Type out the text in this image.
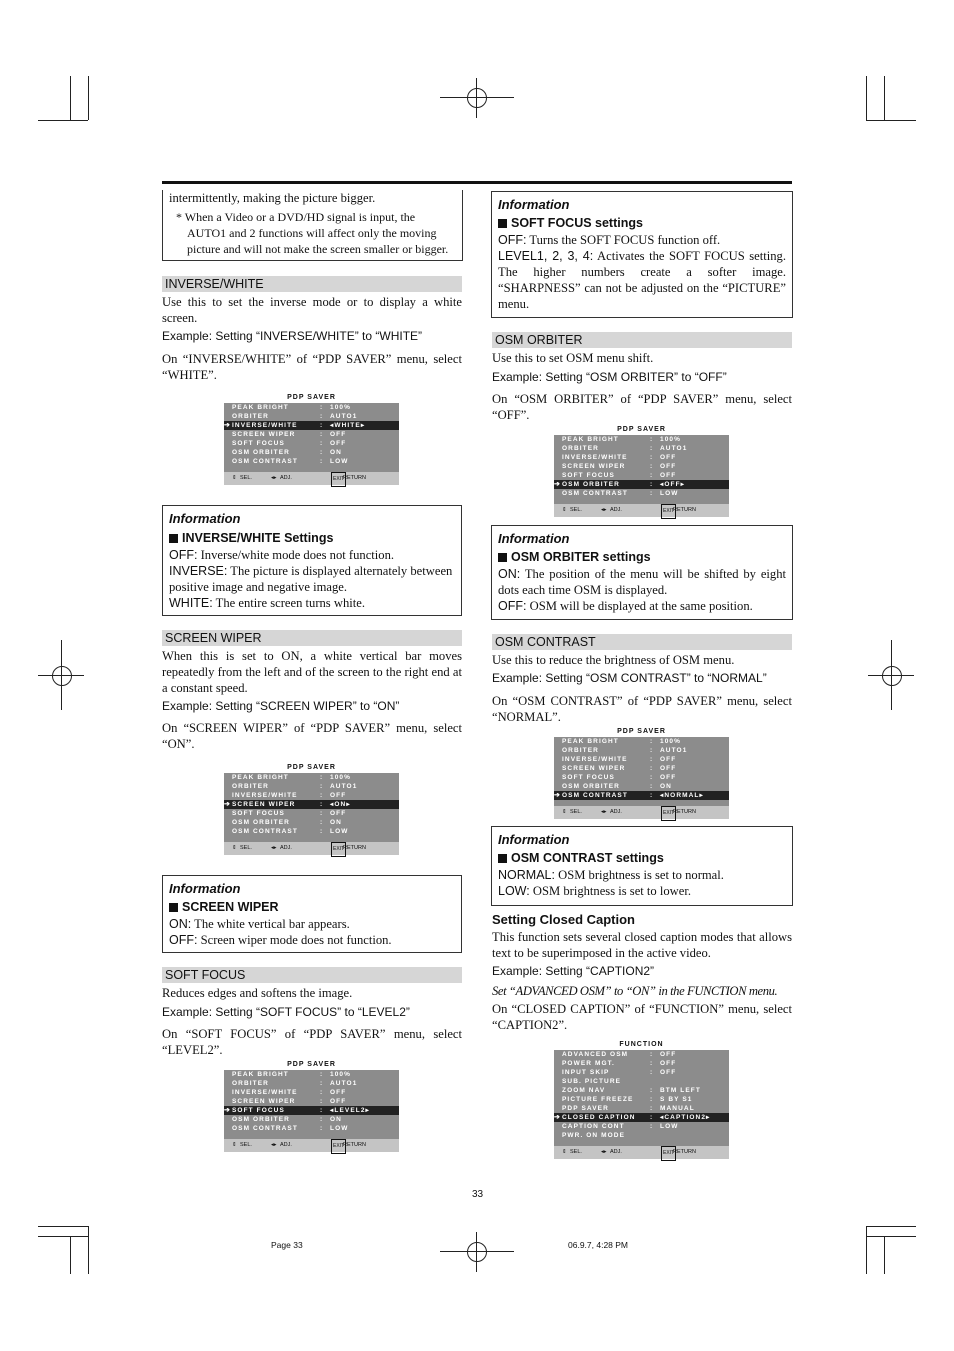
intermittently, making the picture bigger.
* When a Video or a DVD/HD signal is input, the AUTO1 and 2 functions will affect only the moving picture and will not make the screen smaller or bigger.
INVERSE/WHITE
Use this to set the inverse mode or to display a white screen.
Example: Setting “INVERSE/WHITE” to “WHITE”
On “INVERSE/WHITE” of “PDP SAVER” menu, select “WHITE”.
PDP SAVER
PEAK BRIGHT	: 100%
ORBITER	: AUTO1
➔ INVERSE/WHITE	: ◂WHITE▸
SCREEN WIPER	: OFF
SOFT FOCUS	: OFF
OSM ORBITER	: ON
OSM CONTRAST	: LOW
⇕ SEL.	◂▸ ADJ.	EXIT
RETURN
Information
INVERSE/WHITE Settings
OFF: Inverse/white mode does not function.
INVERSE: The picture is displayed alternately between positive image and negative image.
WHITE: The entire screen turns white.
SCREEN WIPER
When this is set to ON, a white vertical bar moves repeatedly from the left and of the screen to the right end at a constant speed.
Example: Setting “SCREEN WIPER” to “ON”
On “SCREEN WIPER” of “PDP SAVER” menu, select “ON”.
PDP SAVER
PEAK BRIGHT	: 100%
ORBITER	: AUTO1
INVERSE/WHITE	: OFF
➔ SCREEN WIPER	: ◂ON▸
SOFT FOCUS	: OFF
OSM ORBITER	: ON
OSM CONTRAST	: LOW
⇕ SEL.	◂▸ ADJ.	EXIT
RETURN
Information
SCREEN WIPER
ON: The white vertical bar appears.
OFF: Screen wiper mode does not function.
SOFT FOCUS
Reduces edges and softens the image.
Example: Setting “SOFT FOCUS” to “LEVEL2”
On “SOFT FOCUS” of “PDP SAVER” menu, select “LEVEL2”.
PDP SAVER
PEAK BRIGHT	: 100%
ORBITER	: AUTO1
INVERSE/WHITE	: OFF
SCREEN WIPER	: OFF
➔ SOFT FOCUS	: ◂LEVEL2▸
OSM ORBITER	: ON
OSM CONTRAST	: LOW
⇕ SEL.	◂▸ ADJ.	EXIT
RETURN
Information
SOFT FOCUS settings
OFF: Turns the SOFT FOCUS function off.
LEVEL1, 2, 3, 4: Activates the SOFT FOCUS setting. The higher numbers create a softer image. “SHARPNESS” can not be adjusted on the “PICTURE” menu.
OSM ORBITER
Use this to set OSM menu shift.
Example: Setting “OSM ORBITER” to “OFF”
On “OSM ORBITER” of “PDP SAVER” menu, select “OFF”.
PDP SAVER
PEAK BRIGHT	: 100%
ORBITER	: AUTO1
INVERSE/WHITE	: OFF
SCREEN WIPER	: OFF
SOFT FOCUS	: OFF
➔ OSM ORBITER	: ◂OFF▸
OSM CONTRAST	: LOW
⇕ SEL.	◂▸ ADJ.	EXIT
RETURN
Information
OSM ORBITER settings
ON: The position of the menu will be shifted by eight dots each time OSM is displayed.
OFF: OSM will be displayed at the same position.
OSM CONTRAST
Use this to reduce the brightness of OSM menu.
Example: Setting “OSM CONTRAST” to “NORMAL”
On “OSM CONTRAST” of “PDP SAVER” menu, select “NORMAL”.
PDP SAVER
PEAK BRIGHT	: 100%
ORBITER	: AUTO1
INVERSE/WHITE	: OFF
SCREEN WIPER	: OFF
SOFT FOCUS	: OFF
OSM ORBITER	: ON
➔ OSM CONTRAST	: ◂NORMAL▸
⇕ SEL.	◂▸ ADJ.	EXIT
RETURN
Information
OSM CONTRAST settings
NORMAL: OSM brightness is set to normal.
LOW: OSM brightness is set to lower.
Setting Closed Caption
This function sets several closed caption modes that allows text to be superimposed in the active video.
Example: Setting “CAPTION2”
Set “ADVANCED OSM” to “ON” in the FUNCTION menu.
On “CLOSED CAPTION” of “FUNCTION” menu, select “CAPTION2”.
FUNCTION
ADVANCED OSM	: OFF
POWER MGT.	: OFF
INPUT SKIP	: OFF
SUB. PICTURE
ZOOM NAV	: BTM LEFT
PICTURE FREEZE	: S BY S1
PDP SAVER	: MANUAL
➔ CLOSED CAPTION : ◂CAPTION2▸
CAPTION CONT	: LOW
PWR. ON MODE
⇕ SEL.	◂▸ ADJ.	EXIT
RETURN
33
Page 33	06.9.7, 4:28 PM
